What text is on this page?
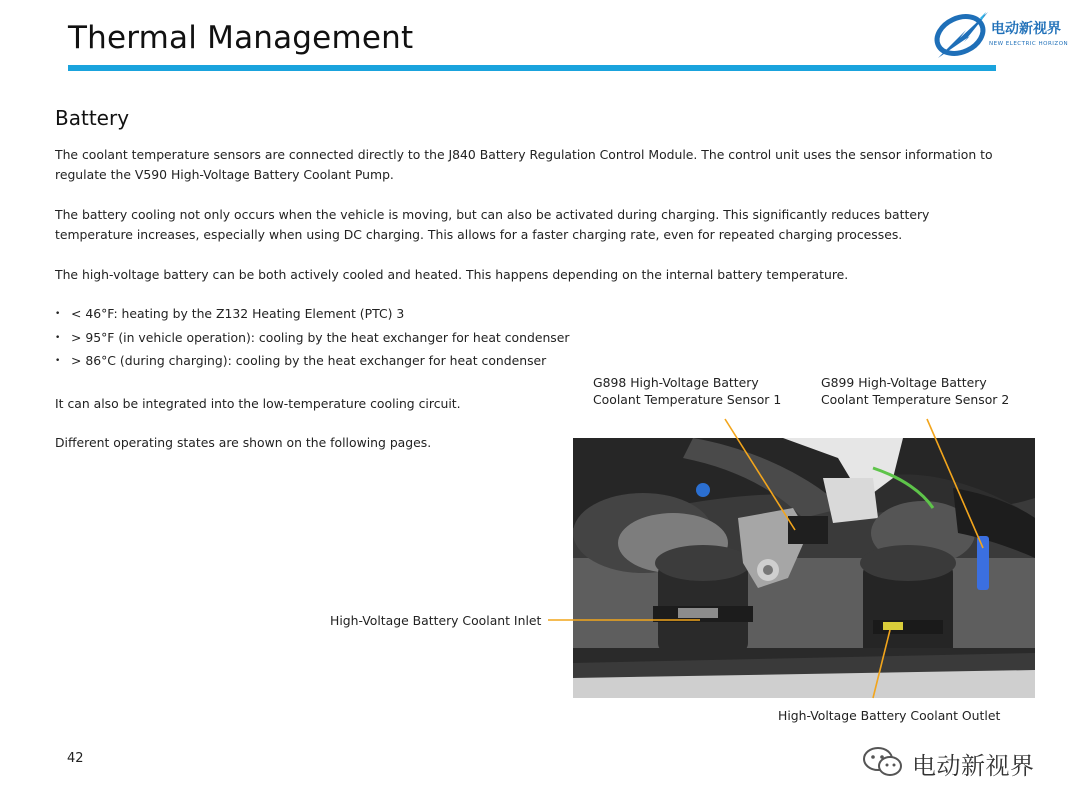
Thermal Management	电动新视界
NEW ELECTRIC HORIZON
Battery

The coolant temperature sensors are connected directly to the J840 Battery Regulation Control Module. The control unit uses the sensor information to regulate the V590 High-Voltage Battery Coolant Pump.

The battery cooling not only occurs when the vehicle is moving, but can also be activated during charging. This significantly reduces battery temperature increases, especially when using DC charging. This allows for a faster charging rate, even for repeated charging processes.

The high-voltage battery can be both actively cooled and heated. This happens depending on the internal battery temperature.

• < 46°F: heating by the Z132 Heating Element (PTC) 3
• > 95°F (in vehicle operation): cooling by the heat exchanger for heat condenser
• > 86°C (during charging): cooling by the heat exchanger for heat condenser

It can also be integrated into the low-temperature cooling circuit.

Different operating states are shown on the following pages.

G898 High-Voltage Battery
Coolant Temperature Sensor 1
G899 High-Voltage Battery
Coolant Temperature Sensor 2
High-Voltage Battery Coolant Inlet
High-Voltage Battery Coolant Outlet
42	电动新视界
